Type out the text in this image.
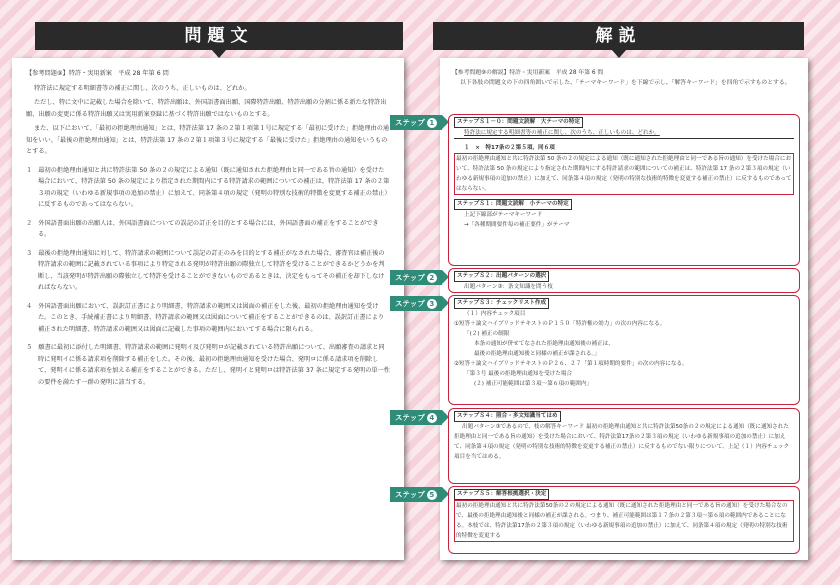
問題文	解説

【参考問題⑨】特許・実用新案　平成 28 年第 6 問

特許法に規定する明細書等の補正に関し、次のうち、正しいものは、どれか。

ただし、特に文中に記載した場合を除いて、特許出願は、外国語書面出願、国際特許出願、特許出願の分割に係る新たな特許出願、出願の変更に係る特許出願又は実用新案登録に基づく特許出願ではないものとする。

また、以下において、「最初の拒絶理由通知」とは、特許法第 17 条の２第１項第１号に規定する「最初に受けた」拒絶理由の通知をいい、「最後の拒絶理由通知」とは、特許法第 17 条の２第１項第３号に規定する「最後に受けた」拒絶理由の通知をいうものとする。

１　最初の拒絶理由通知と共に特許法第 50 条の２の規定による通知（既に通知された拒絶理由と同一である旨の通知）を受けた場合において、特許法第 50 条の規定により指定された期間内にする特許請求の範囲についての補正は、特許法第 17 条の２第３項の規定（いわゆる新規事項の追加の禁止）に加えて、同条第４項の規定（発明の特別な技術的特徴を変更する補正の禁止）に反するものであってはならない。

２　外国語書面出願の出願人は、外国語書面についての誤記の訂正を目的とする場合には、外国語書面の補正をすることができる。

３　最後の拒絶理由通知に対して、特許請求の範囲について誤記の訂正のみを目的とする補正がなされた場合、審査官は補正後の特許請求の範囲に記載されている事項により特定される発明が特許出願の際独立して特許を受けることができるかどうかを判断し、当該発明が特許出願の際独立して特許を受けることができないものであるときは、決定をもってその補正を却下しなければならない。

４　外国語書面出願において、誤訳訂正書により明細書、特許請求の範囲又は図面の補正をした後、最初の拒絶理由通知を受けた。このとき、手続補正書により明細書、特許請求の範囲又は図面について補正をすることができるのは、誤訳訂正書により補正された明細書、特許請求の範囲又は図面に記載した事項の範囲内においてする場合に限られる。

５　願書に最初に添付した明細書、特許請求の範囲に発明イ及び発明ロが記載されている特許出願について、出願審査の請求と同時に発明イに係る請求項を削除する補正をした。その後、最初の拒絶理由通知を受けた場合、発明ロに係る請求項を削除して、発明イに係る請求項を加える補正をすることができる。ただし、発明イと発明ロは特許法第 37 条に規定する発明の単一性の要件を満たす一群の発明に該当する。

【参考問題⑨の解説】特許・実用新案　平成 28 年第 6 問

以下各肢の問題文の下の四角囲いで示した、「テーマキーワード」を下線で示し、「解答キーワード」を四角で示すものとする。

ステップ 1
ステップ 2
ステップ 3
ステップ 4
ステップ 5

ステップＳ１－０：問題文読解　大テーマの特定

特許法に規定する明細書等の補正に関し、次のうち、正しいものは、どれか。

１　×　特17条の２第５項、同６項

最初の拒絶理由通知と共に特許法第 50 条の２の規定による通知（既に通知された拒絶理由と同一である旨の通知）を受けた場合において、特許法第 50 条の規定により指定された期間内にする特許請求の範囲についての補正は、特許法第 17 条の２第３項の規定（いわゆる新規事項の追加の禁止）に加えて、同条第４項の規定（発明の特別な技術的特徴を変更する補正の禁止）に反するものであってはならない。

ステップＳ１：問題文読解　小テーマの特定

上記下線部がテーマキーワード

→「各種期間要件毎の補正要件」がテーマ

ステップＳ２：出題パターンの選択

出題パターン③：条文知識を問う枝

ステップＳ３：チェックリスト作成

（１）内容チェック項目

①短答＋論文ハイブリッドテキストのＰ１５０「特許権の効力」の次の内容になる。

「(２) 補正の制限

本条の通知が併せてなされた拒絶理由通知後の補正は、

最後の拒絶理由通知後と同様の補正が課される。」

②短答＋論文ハイブリッドテキストのＰ２６、２７「第１項時期的要件」の次の内容になる。

「第３号 最後の拒絶理由通知を受けた場合

(２) 補正可能範囲は第３項～第６項の範囲内」

ステップＳ４：照合・多文知識当てはめ

出題パターン③であるので、枝の解答キーワード 最初の拒絶理由通知と共に特許法第50条の２の規定による通知（既に通知された拒絶理由と同一である旨の通知）を受けた場合において、特許法第17条の２第３項の規定（いわゆる新規事項の追加の禁止）に加えて、同条第４項の規定（発明の特別な技術的特徴を変更する補正の禁止）に反するものでない限りについて、上記（１）内容チェック項目を当てはめる。

ステップＳ５：解答根拠選択・決定

最初の拒絶理由通知と共に特許法第50条の２の規定による通知（既に通知された拒絶理由と同一である旨の通知）を受けた場合なので、最後の拒絶理由通知後と同様の補正が課される。つまり、補正可能範囲は第１７条の２第３項～第６項の範囲内であることになる。本枝では、特許法第17条の２第３項の規定（いわゆる新規事項の追加の禁止）に加えて、同条第４項の規定（発明の特別な技術的特徴を変更する
